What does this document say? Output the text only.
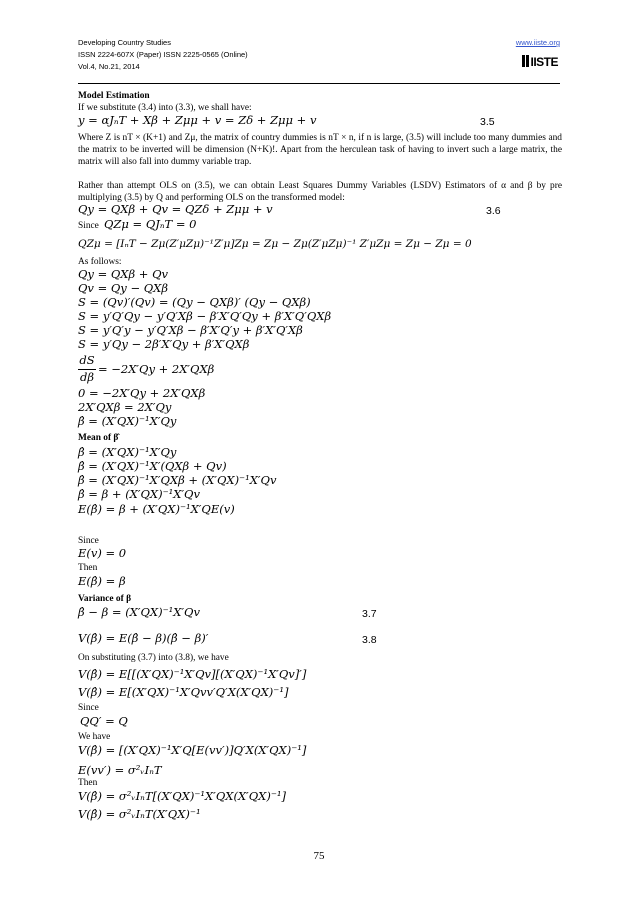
Developing Country Studies
ISSN 2224-607X (Paper) ISSN 2225-0565 (Online)
Vol.4, No.21, 2014
www.iiste.org
IISTE
Model Estimation
If we substitute (3.4) into (3.3), we shall have:
y = αJₙT + Xβ + Zμμ + v = Zδ + Zμμ + v	3.5
Where Z is nT × (K+1) and Zμ, the matrix of country dummies is nT × n, if n is large, (3.5) will include too many dummies and the matrix to be inverted will be dimension (N+K)!. Apart from the herculean task of having to invert such a large matrix, the matrix will also fall into dummy variable trap.
Rather than attempt OLS on (3.5), we can obtain Least Squares Dummy Variables (LSDV) Estimators of α and β by pre multiplying (3.5) by Q and performing OLS on the transformed model:
Qy = QXβ + Qv = QZδ + Zμμ + v	3.6
Since QZμ = QJₙT = 0
QZμ = [IₙT − Zμ(Z′μZμ)⁻¹Z′μ]Zμ = Zμ − Zμ(Z′μZμ)⁻¹ Z′μZμ = Zμ − Zμ = 0
As follows:
Qy = QXβ + Qv
Qv = Qy − QXβ
S = (Qv)′(Qv) = (Qy − QXβ)′ (Qy − QXβ)
S = y′Q′Qy − y′Q′Xβ − β′X′Q′Qy + β′X′Q′QXβ
S = y′Q′y − y′Q′Xβ − β′X′Q′y + β′X′Q′Xβ
S = y′Qy − 2β′X′Qy + β′X′QXβ
dS
dβ
= −2X′Qy + 2X′QXβ
0 = −2X′Qy + 2X′QXβ
2X′QXβ = 2X′Qy
β̂ = (X′QX)⁻¹X′Qy
Mean of β̂
β̂ = (X′QX)⁻¹X′Qy
β̂ = (X′QX)⁻¹X′(QXβ + Qv)
β̂ = (X′QX)⁻¹X′QXβ + (X′QX)⁻¹X′Qv
β̂ = β + (X′QX)⁻¹X′Qv
E(β̂) = β + (X′QX)⁻¹X′QE(v)
Since
E(v) = 0
Then
E(β̂) = β
Variance of β
β̂ − β = (X′QX)⁻¹X′Qv	3.7
V(β̂) = E(β̂ − β)(β̂ − β)′	3.8
On substituting (3.7) into (3.8), we have
V(β̂) = E[[(X′QX)⁻¹X′Qv][(X′QX)⁻¹X′Qv]′]
V(β̂) = E[(X′QX)⁻¹X′Qvv′Q′X(X′QX)⁻¹]
Since
QQ′ = Q
We have
V(β̂) = [(X′QX)⁻¹X′Q[E(vv′)]Q′X(X′QX)⁻¹]
E(vv′) = σ²ᵥIₙT
Then
V(β̂) = σ²ᵥIₙT[(X′QX)⁻¹X′QX(X′QX)⁻¹]
V(β̂) = σ²ᵥIₙT(X′QX)⁻¹
75
